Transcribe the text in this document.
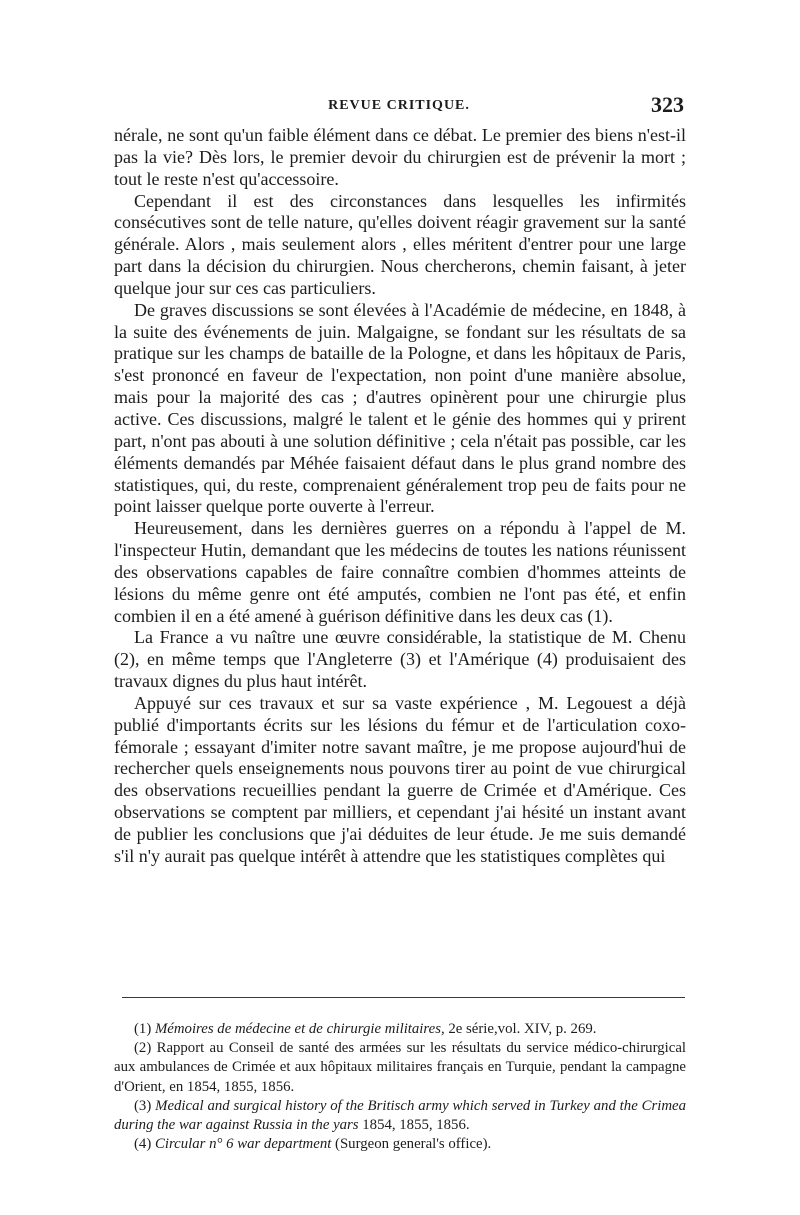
REVUE CRITIQUE.	323

nérale, ne sont qu'un faible élément dans ce débat. Le premier des biens n'est-il pas la vie? Dès lors, le premier devoir du chirurgien est de prévenir la mort ; tout le reste n'est qu'accessoire.

Cependant il est des circonstances dans lesquelles les infirmités consécutives sont de telle nature, qu'elles doivent réagir gravement sur la santé générale. Alors , mais seulement alors , elles méritent d'entrer pour une large part dans la décision du chirurgien. Nous chercherons, chemin faisant, à jeter quelque jour sur ces cas particuliers.

De graves discussions se sont élevées à l'Académie de médecine, en 1848, à la suite des événements de juin. Malgaigne, se fondant sur les résultats de sa pratique sur les champs de bataille de la Pologne, et dans les hôpitaux de Paris, s'est prononcé en faveur de l'expectation, non point d'une manière absolue, mais pour la majorité des cas ; d'autres opinèrent pour une chirurgie plus active. Ces discussions, malgré le talent et le génie des hommes qui y prirent part, n'ont pas abouti à une solution définitive ; cela n'était pas possible, car les éléments demandés par Méhée faisaient défaut dans le plus grand nombre des statistiques, qui, du reste, comprenaient généralement trop peu de faits pour ne point laisser quelque porte ouverte à l'erreur.

Heureusement, dans les dernières guerres on a répondu à l'appel de M. l'inspecteur Hutin, demandant que les médecins de toutes les nations réunissent des observations capables de faire connaître combien d'hommes atteints de lésions du même genre ont été amputés, combien ne l'ont pas été, et enfin combien il en a été amené à guérison définitive dans les deux cas (1).

La France a vu naître une œuvre considérable, la statistique de M. Chenu (2), en même temps que l'Angleterre (3) et l'Amérique (4) produisaient des travaux dignes du plus haut intérêt.

Appuyé sur ces travaux et sur sa vaste expérience , M. Legouest a déjà publié d'importants écrits sur les lésions du fémur et de l'articulation coxo-fémorale ; essayant d'imiter notre savant maître, je me propose aujourd'hui de rechercher quels enseignements nous pouvons tirer au point de vue chirurgical des observations recueillies pendant la guerre de Crimée et d'Amérique. Ces observations se comptent par milliers, et cependant j'ai hésité un instant avant de publier les conclusions que j'ai déduites de leur étude. Je me suis demandé s'il n'y aurait pas quelque intérêt à attendre que les statistiques complètes qui

(1) Mémoires de médecine et de chirurgie militaires, 2e série,vol. XIV, p. 269.

(2) Rapport au Conseil de santé des armées sur les résultats du service médico-chirurgical aux ambulances de Crimée et aux hôpitaux militaires français en Turquie, pendant la campagne d'Orient, en 1854, 1855, 1856.

(3) Medical and surgical history of the Britisch army which served in Turkey and the Crimea during the war against Russia in the yars 1854, 1855, 1856.

(4) Circular n° 6 war department (Surgeon general's office).
